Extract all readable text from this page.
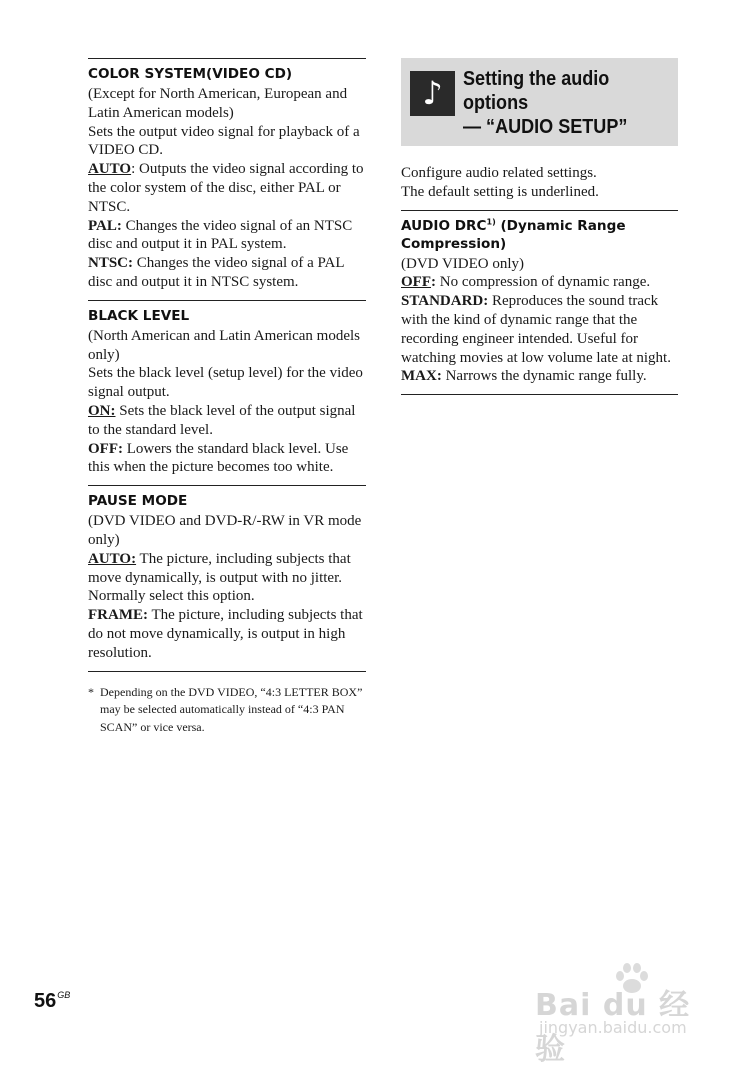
COLOR SYSTEM(VIDEO CD)

(Except for North American, European and Latin American models)

Sets the output video signal for playback of a VIDEO CD.

AUTO: Outputs the video signal according to the color system of the disc, either PAL or NTSC.

PAL: Changes the video signal of an NTSC disc and output it in PAL system.

NTSC: Changes the video signal of a PAL disc and output it in NTSC system.

BLACK LEVEL

(North American and Latin American models only)

Sets the black level (setup level) for the video signal output.

ON: Sets the black level of the output signal to the standard level.

OFF: Lowers the standard black level. Use this when the picture becomes too white.

PAUSE MODE

(DVD VIDEO and DVD-R/-RW in VR mode only)

AUTO: The picture, including subjects that move dynamically, is output with no jitter. Normally select this option.

FRAME: The picture, including subjects that do not move dynamically, is output in high resolution.

* Depending on the DVD VIDEO, “4:3 LETTER BOX” may be selected automatically instead of “4:3 PAN SCAN” or vice versa.
♪ Setting the audio
options
— “AUDIO SETUP”

Configure audio related settings.

The default setting is underlined.

AUDIO DRC$^{1)}$ (Dynamic Range Compression)

(DVD VIDEO only)

OFF: No compression of dynamic range.

STANDARD: Reproduces the sound track with the kind of dynamic range that the recording engineer intended. Useful for watching movies at low volume late at night.

MAX: Narrows the dynamic range fully.

$56^{GB}$	Bai du 经验
jingyan.baidu.com
